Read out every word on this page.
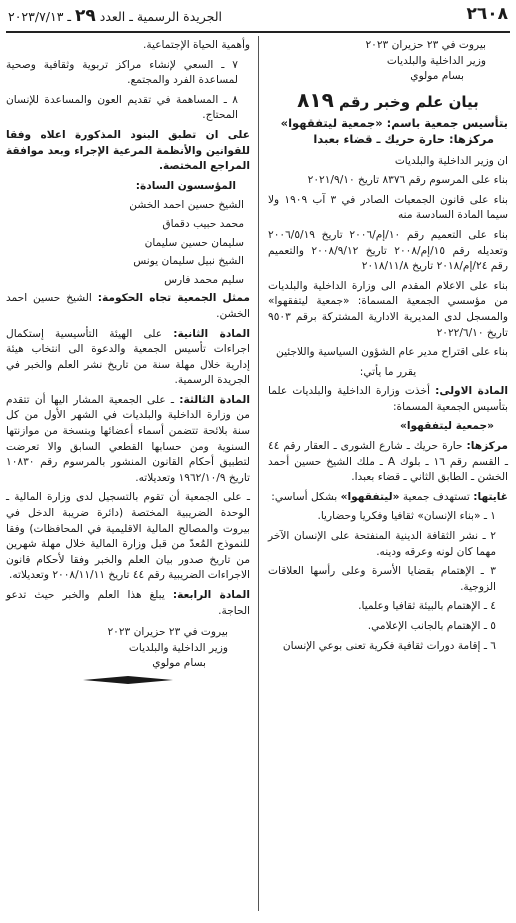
٢٦٠٨
الجريدة الرسمية ـ العدد ٢٩ ـ ٢٠٢٣/٧/١٣

بيروت في ٢٣ حزيران ٢٠٢٣

وزير الداخلية والبلديات

بسام مولوي

بيان علم وخبر رقم ٨١٩

بتأسيس جمعية باسم: «جمعية ليتفقهوا»

مركزها: حارة حريك ـ قضاء بعبدا

ان وزير الداخلية والبلديات

بناء على المرسوم رقم ٨٣٧٦ تاريخ ٢٠٢١/٩/١٠

بناء على قانون الجمعيات الصادر في ٣ آب ١٩٠٩ ولا سيما المادة السادسة منه

بناء على التعميم رقم ١٠/إم/٢٠٠٦ تاريخ ٢٠٠٦/٥/١٩ وتعديله رقم ١٥/إم/٢٠٠٨ تاريخ ٢٠٠٨/٩/١٢ والتعميم رقم ٢٤/إم/٢٠١٨ تاريخ ٢٠١٨/١١/٨

بناء على الاعلام المقدم الى وزارة الداخلية والبلديات من مؤسسي الجمعية المسماة: «جمعية ليتفقهوا» والمسجل لدى المديرية الادارية المشتركة برقم ٩٥٠٣ تاريخ ٢٠٢٢/٦/١٠

بناء على اقتراح مدير عام الشؤون السياسية واللاجئين

يقرر ما يأتي:

المادة الاولى: أخذت وزارة الداخلية والبلديات علما بتأسيس الجمعية المسماة:

«جمعية ليتفقهوا»

مركزها: حارة حريك ـ شارع الشورى ـ العقار رقم ٤٤ ـ القسم رقم ١٦ ـ بلوك A ـ ملك الشيخ حسين أحمد الخشن ـ الطابق الثاني ـ قضاء بعبدا.

غايتها: تستهدف جمعية «ليتفقهوا» بشكل أساسي:

١ ـ «بناء الإنسان» ثقافيا وفكريا وحضاريا.

٢ ـ نشر الثقافة الدينية المنفتحة على الإنسان الآخر مهما كان لونه وعرقه ودينه.

٣ ـ الإهتمام بقضايا الأسرة وعلى رأسها العلاقات الزوجية.

٤ ـ الإهتمام بالبيئة ثقافيا وعلميا.

٥ ـ الإهتمام بالجانب الإعلامي.

٦ ـ إقامة دورات ثقافية فكرية تعنى بوعي الإنسان

وأهمية الحياة الإجتماعية.

٧ ـ السعي لإنشاء مراكز تربوية وثقافية وصحية لمساعدة الفرد والمجتمع.

٨ ـ المساهمة في تقديم العون والمساعدة للإنسان المحتاج.

على ان تطبق البنود المذكورة اعلاه وفقا للقوانين والأنظمة المرعية الإجراء وبعد موافقة المراجع المختصة.

المؤسسون السادة:

الشيخ حسين احمد الخشن

محمد حبيب دقماق

سليمان حسين سليمان

الشيخ نبيل سليمان يونس

سليم محمد فارس

ممثل الجمعية تجاه الحكومة: الشيخ حسين احمد الخشن.

المادة الثانية: على الهيئة التأسيسية إستكمال اجراءات تأسيس الجمعية والدعوة الى انتخاب هيئة إدارية خلال مهلة سنة من تاريخ نشر العلم والخبر في الجريدة الرسمية.

المادة الثالثة: ـ على الجمعية المشار اليها أن تتقدم من وزارة الداخلية والبلديات في الشهر الأول من كل سنة بلائحة تتضمن أسماء أعضائها وبنسخة من موازنتها السنوية ومن حسابها القطعي السابق والا تعرضت لتطبيق أحكام القانون المنشور بالمرسوم رقم ١٠٨٣٠ تاريخ ١٩٦٢/١٠/٩ وتعديلاته.

ـ على الجمعية أن تقوم بالتسجيل لدى وزارة المالية ـ الوحدة الضريبية المختصة (دائرة ضريبة الدخل في بيروت والمصالح المالية الاقليمية في المحافظات) وفقا للنموذج المُعدّ من قبل وزارة المالية خلال مهلة شهرين من تاريخ صدور بيان العلم والخبر وفقا لأحكام قانون الاجراءات الضريبية رقم ٤٤ تاريخ ٢٠٠٨/١١/١١ وتعديلاته.

المادة الرابعة: يبلغ هذا العلم والخبر حيث تدعو الحاجة.

بيروت في ٢٣ حزيران ٢٠٢٣

وزير الداخلية والبلديات

بسام مولوي
